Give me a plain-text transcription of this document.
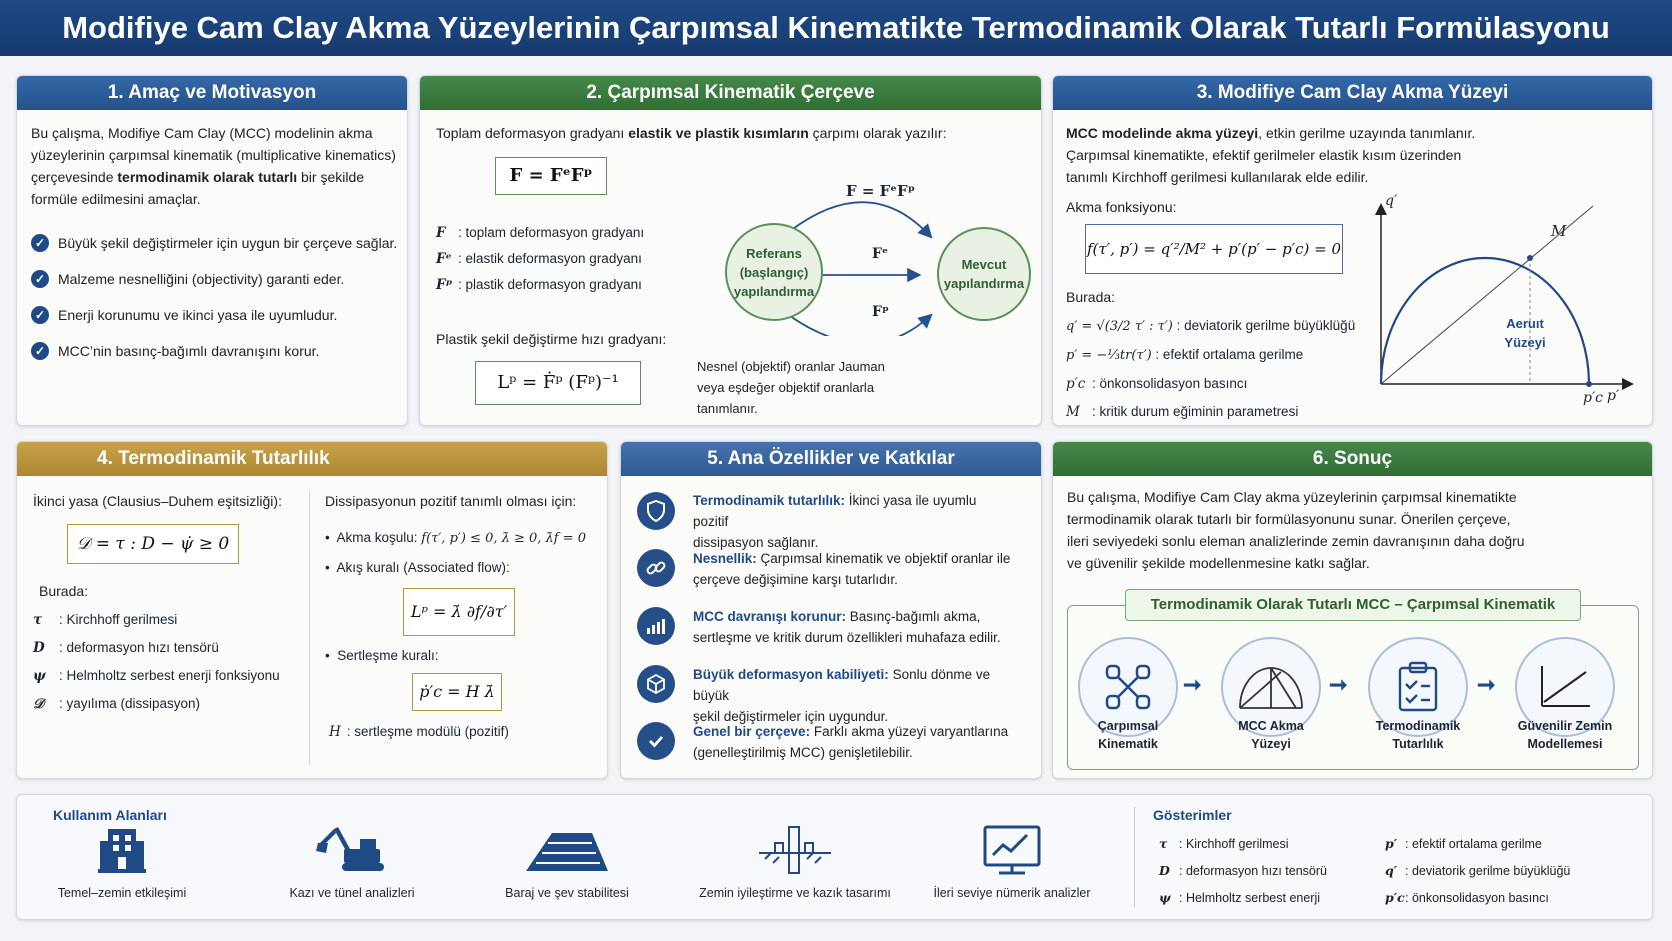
Modifiye Cam Clay Akma Yüzeylerinin Çarpımsal Kinematikte Termodinamik Olarak Tutarlı Formülasyonu
1. Amaç ve Motivasyon
Bu çalışma, Modifiye Cam Clay (MCC) modelinin akma
yüzeylerinin çarpımsal kinematik (multiplicative kinematics)
çerçevesinde termodinamik olarak tutarlı bir şekilde
formüle edilmesini amaçlar.
✓ Büyük şekil değiştirmeler için uygun bir çerçeve sağlar.
✓ Malzeme nesnelliğini (objectivity) garanti eder.
✓ Enerji korunumu ve ikinci yasa ile uyumludur.
✓ MCC’nin basınç-bağımlı davranışını korur.
2. Çarpımsal Kinematik Çerçeve
Toplam deformasyon gradyanı elastik ve plastik kısımların çarpımı olarak yazılır:
F = FᵉFᵖ
F : toplam deformasyon gradyanı
Fᵉ : elastik deformasyon gradyanı
Fᵖ : plastik deformasyon gradyanı
Plastik şekil değiştirme hızı gradyanı:
Lᵖ = Ḟᵖ (Fᵖ)⁻¹
Nesnel (objektif) oranlar Jauman
veya eşdeğer objektif oranlarla
tanımlanır.
F = FᵉFᵖ
Fᵉ
Fᵖ
Referans (başlangıç) yapılandırma
Mevcut yapılandırma
3. Modifiye Cam Clay Akma Yüzeyi
MCC modelinde akma yüzeyi, etkin gerilme uzayında tanımlanır.
Çarpımsal kinematikte, efektif gerilmeler elastik kısım üzerinden
tanımlı Kirchhoff gerilmesi kullanılarak elde edilir.
Akma fonksiyonu:
f(τ′, p′) = q′²/M² + p′(p′ − p′c) = 0
Burada:
q′ = √(3/2 τ′ : τ′) : deviatorik gerilme büyüklüğü
p′ = −⅓tr(τ′) : efektif ortalama gerilme
p′c : önkonsolidasyon basıncı
M : kritik durum eğiminin parametresi
q′
p′
p′c
M
Aeruıt
Yüzeyi
4. Termodinamik Tutarlılık
İkinci yasa (Clausius–Duhem eşitsizliği):
𝒟 = τ : D − ψ̇ ≥ 0
Burada:
τ : Kirchhoff gerilmesi
D : deformasyon hızı tensörü
ψ : Helmholtz serbest enerji fonksiyonu
𝒟 : yayılıma (dissipasyon)
Dissipasyonun pozitif tanımlı olması için:
•  Akma koşulu: f(τ′, p′) ≤ 0, λ̇ ≥ 0, λ̇f = 0
•  Akış kuralı (Associated flow):
Lᵖ = λ̇ ∂f/∂τ′
•  Sertleşme kuralı:
ṗ′c = H λ̇
H : sertleşme modülü (pozitif)
5. Ana Özellikler ve Katkılar
Termodinamik tutarlılık: İkinci yasa ile uyumlu pozitif
dissipasyon sağlanır.
Nesnellik: Çarpımsal kinematik ve objektif oranlar ile
çerçeve değişimine karşı tutarlıdır.
MCC davranışı korunur: Basınç-bağımlı akma,
sertleşme ve kritik durum özellikleri muhafaza edilir.
Büyük deformasyon kabiliyeti: Sonlu dönme ve büyük
şekil değiştirmeler için uygundur.
Genel bir çerçeve: Farklı akma yüzeyi varyantlarına
(genelleştirilmiş MCC) genişletilebilir.
6. Sonuç
Bu çalışma, Modifiye Cam Clay akma yüzeylerinin çarpımsal kinematikte
termodinamik olarak tutarlı bir formülasyonunu sunar. Önerilen çerçeve,
ileri seviyedeki sonlu eleman analizlerinde zemin davranışının daha doğru
ve güvenilir şekilde modellenmesine katkı sağlar.
Termodinamik Olarak Tutarlı MCC – Çarpımsal Kinematik
➞	➞	➞
Çarpımsal
Kinematik
MCC Akma
Yüzeyi
Termodinamik
Tutarlılık
Güvenilir Zemin
Modellemesi
Kullanım Alanları
Temel–zemin etkileşimi	Kazı ve tünel analizleri	Baraj ve şev stabilitesi	Zemin iyileştirme ve kazık tasarımı	İleri seviye nümerik analizler
Gösterimler
τ : Kirchhoff gerilmesi
D : deformasyon hızı tensörü
ψ : Helmholtz serbest enerji
p′ : efektif ortalama gerilme
q′ : deviatorik gerilme büyüklüğü
p′c: önkonsolidasyon basıncı
